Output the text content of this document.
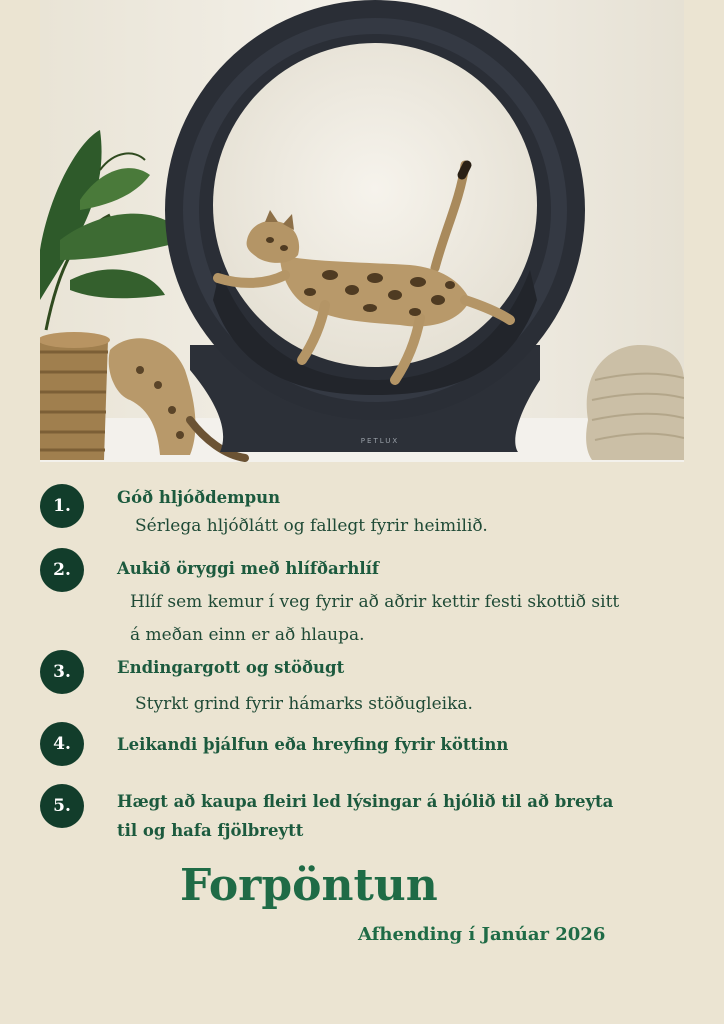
PETLUX
1.	Góð hljóðdempun
Sérlega hljóðlátt og fallegt fyrir heimilið.
2.	Aukið öryggi með hlífðarhlíf
Hlíf sem kemur í veg fyrir að aðrir kettir festi skottið sitt
á meðan einn er að hlaupa.
3.	Endingargott og stöðugt
Styrkt grind fyrir hámarks stöðugleika.
4.	Leikandi þjálfun eða hreyfing fyrir köttinn
5.	Hægt að kaupa fleiri led lýsingar á hjólið til að breyta
til og hafa fjölbreytt
Forpöntun
Afhending í Janúar 2026
